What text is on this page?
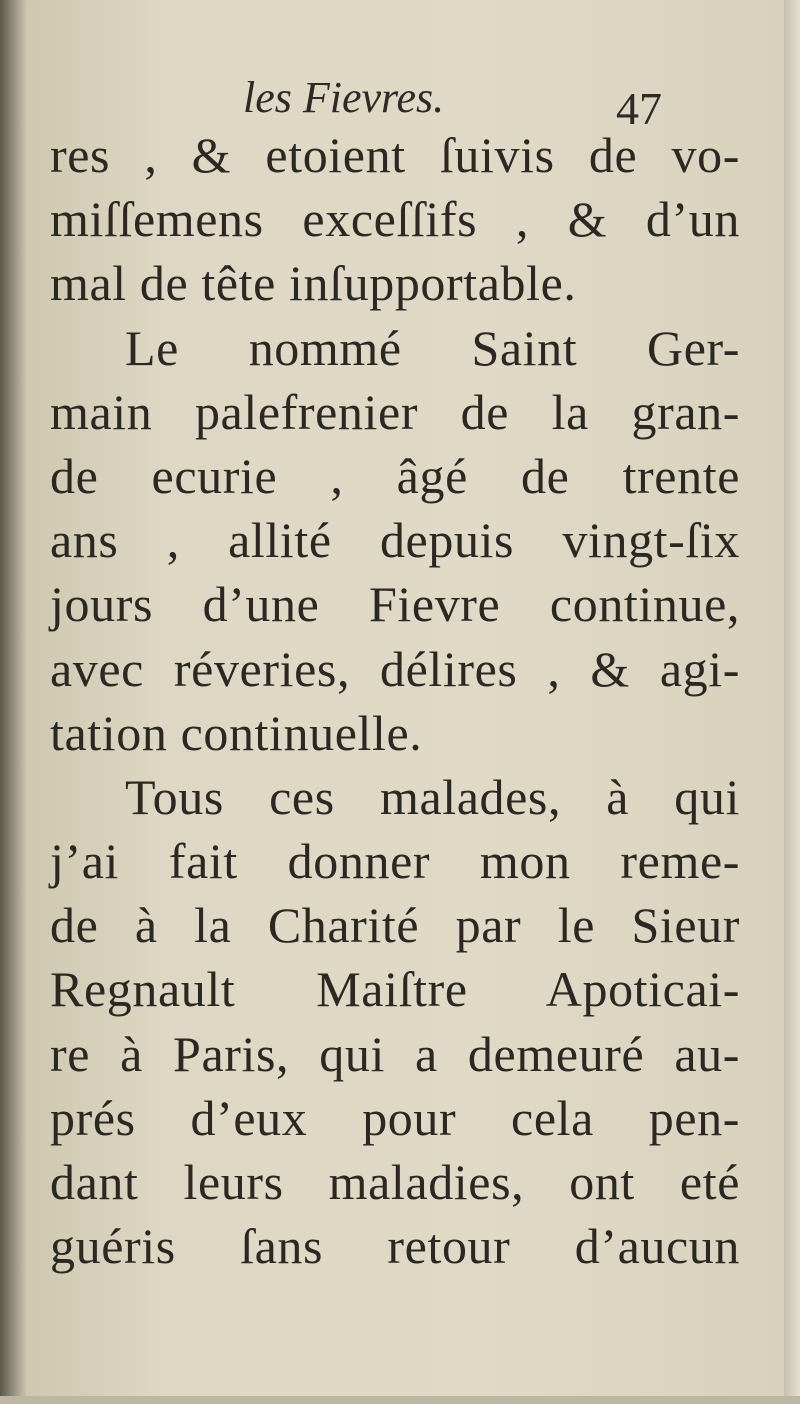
les Fievres.	47
res , & etoient ſuivis de vo-
miſſemens exceſſifs , & d’un
mal de tête inſupportable.
Le nommé Saint Ger-
main palefrenier de la gran-
de ecurie , âgé de trente
ans , allité depuis vingt-ſix
jours d’une Fievre continue,
avec réveries, délires , & agi-
tation continuelle.
Tous ces malades, à qui
j’ai fait donner mon reme-
de à la Charité par le Sieur
Regnault Maiſtre Apoticai-
re à Paris, qui a demeuré au-
prés d’eux pour cela pen-
dant leurs maladies, ont eté
guéris ſans retour d’aucun
